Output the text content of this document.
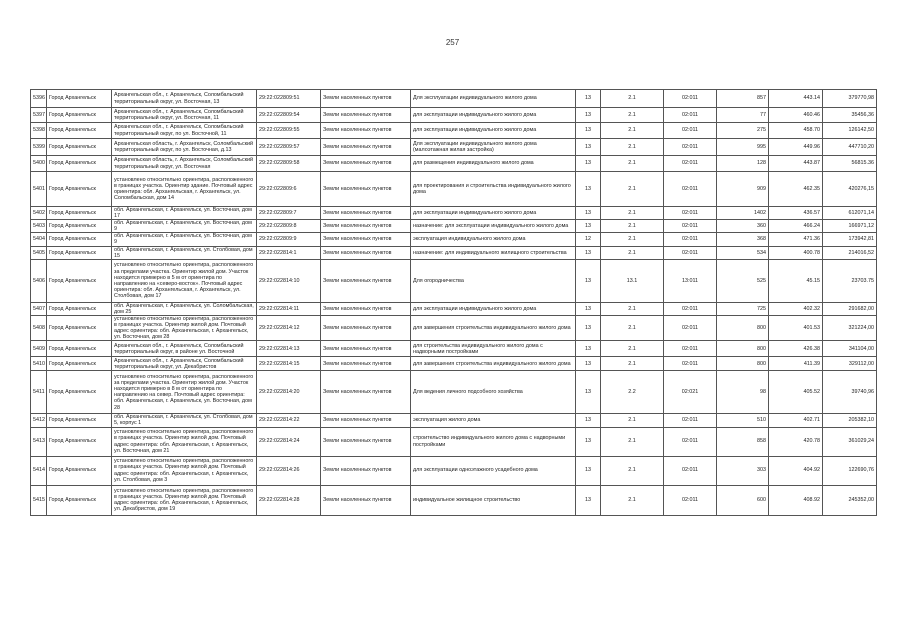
257
5396	Город Архангельск	Архангельская обл., г. Архангельск, Соломбальский территориальный округ, ул. Восточная, 13	29:22:022809:51	Земли населенных пунктов	Для эксплуатации индивидуального жилого дома	13	2.1	02:011	857	443.14	379770,98
5397	Город Архангельск	Архангельская обл., г. Архангельск, Соломбальский территориальный округ, ул. Восточная, 11	29:22:022809:54	Земли населенных пунктов	для эксплуатации индивидуального жилого дома	13	2.1	02:011	77	460.46	35456,36
5398	Город Архангельск	Архангельская обл., г. Архангельск, Соломбальский территориальный округ, по ул. Восточной, 11	29:22:022809:55	Земли населенных пунктов	для эксплуатации индивидуального жилого дома	13	2.1	02:011	275	458.70	126142,50
5399	Город Архангельск	Архангельская область, г. Архангельск, Соломбальский территориальный округ, по ул. Восточная, д.13	29:22:022809:57	Земли населенных пунктов	Для эксплуатации индивидуального жилого дома (малоэтажная жилая застройка)	13	2.1	02:011	995	449.96	447710,20
5400	Город Архангельск	Архангельская область, г. Архангельск, Соломбальский территориальный округ, ул. Восточная	29:22:022809:58	Земли населенных пунктов	для размещения индивидуального жилого дома	13	2.1	02:011	128	443.87	56815.36
5401	Город Архангельск	установлено относительно ориентира, расположенного в границах участка. Ориентир здание. Почтовый адрес ориентира: обл. Архангельская, г. Архангельск, ул. Соломбальская, дом 14	29:22:022809:6	Земли населенных пунктов	для проектирования и строительства индивидуального жилого дома	13	2.1	02:011	909	462.35	420276,15
5402	Город Архангельск	обл. Архангельская, г. Архангельск, ул. Восточная, дом 17	29:22:022809:7	Земли населенных пунктов	для эксплуатации индивидуального жилого дома	13	2.1	02:011	1402	436.57	612071,14
5403	Город Архангельск	обл. Архангельская, г. Архангельск, ул. Восточная, дом 9	29:22:022809:8	Земли населенных пунктов	назначение: для эксплуатации индивидуального жилого дома	13	2.1	02:011	360	466.24	166971,12
5404	Город Архангельск	обл. Архангельская, г. Архангельск, ул. Восточная, дом 9	29:22:022809:9	Земли населенных пунктов	эксплуатация индивидуального жилого дома	12	2.1	02:011	368	471.36	173942,81
5405	Город Архангельск	обл. Архангельская, г. Архангельск, ул. Столбовая, дом 15	29:22:022814:1	Земли населенных пунктов	назначение: для индивидуального жилищного строительства	13	2.1	02:011	534	400.78	214016,52
5406	Город Архангельск	установлено относительно ориентира, расположенного за пределами участка. Ориентир жилой дом. Участок находится примерно в 5 м от ориентира по направлению на «северо-восток». Почтовый адрес ориентира: обл. Архангельская, г. Архангельск, ул. Столбовая, дом 17	29:22:022814:10	Земли населенных пунктов	Для огородничества	13	13.1	13:011	525	45.15	23703.75
5407	Город Архангельск	обл. Архангельская, г. Архангельск, ул. Соломбальская, дом 25	29:22:022814:11	Земли населенных пунктов	для эксплуатации индивидуального жилого дома	13	2.1	02:011	725	402.32	291682,00
5408	Город Архангельск	установлено относительно ориентира, расположенного в границах участка. Ориентир жилой дом. Почтовый адрес ориентира: обл. Архангельская, г. Архангельск, ул. Восточная, дом 28	29:22:022814:12	Земли населенных пунктов	для завершения строительства индивидуального жилого дома	13	2.1	02:011	800	401.53	321224,00
5409	Город Архангельск	Архангельская обл., г. Архангельск, Соломбальский территориальный округ, в районе ул. Восточной	29:22:022814:13	Земли населенных пунктов	для строительства индивидуального жилого дома с надворными постройками	13	2.1	02:011	800	426.38	341104,00
5410	Город Архангельск	Архангельская обл., г. Архангельск, Соломбальский территориальный округ, ул. Декабристов	29:22:022814:15	Земли населенных пунктов	для завершения строительства индивидуального жилого дома	13	2.1	02:011	800	411.39	329112,00
5411	Город Архангельск	установлено относительно ориентира, расположенного за пределами участка. Ориентир жилой дом. Участок находится примерно в 8 м от ориентира по направлению на север. Почтовый адрес ориентира: обл. Архангельская, г. Архангельск, ул. Восточная, дом 28	29:22:022814:20	Земли населенных пунктов	Для ведения личного подсобного хозяйства	13	2.2	02:021	98	405.52	39740,96
5412	Город Архангельск	обл. Архангельская, г. Архангельск, ул. Столбовая, дом 5, корпус 1	29:22:022814:22	Земли населенных пунктов	эксплуатация жилого дома	13	2.1	02:011	510	402.71	205382,10
5413	Город Архангельск	установлено относительно ориентира, расположенного в границах участка. Ориентир жилой дом. Почтовый адрес ориентира: обл. Архангельская, г. Архангельск, ул. Восточная, дом 21	29:22:022814:24	Земли населенных пунктов	строительство индивидуального жилого дома с надворными постройками	13	2.1	02:011	858	420.78	361029,24
5414	Город Архангельск	установлено относительно ориентира, расположенного в границах участка. Ориентир жилой дом. Почтовый адрес ориентира: обл. Архангельская, г. Архангельск, ул. Столбовая, дом 3	29:22:022814:26	Земли населенных пунктов	для эксплуатации одноэтажного усадебного дома	13	2.1	02:011	303	404.92	122690,76
5415	Город Архангельск	установлено относительно ориентира, расположенного в границах участка. Ориентир жилой дом. Почтовый адрес ориентира: обл. Архангельская, г. Архангельск, ул. Декабристов, дом 19	29:22:022814:28	Земли населенных пунктов	индивидуальное жилищное строительство	13	2.1	02:011	600	408.92	245352,00
